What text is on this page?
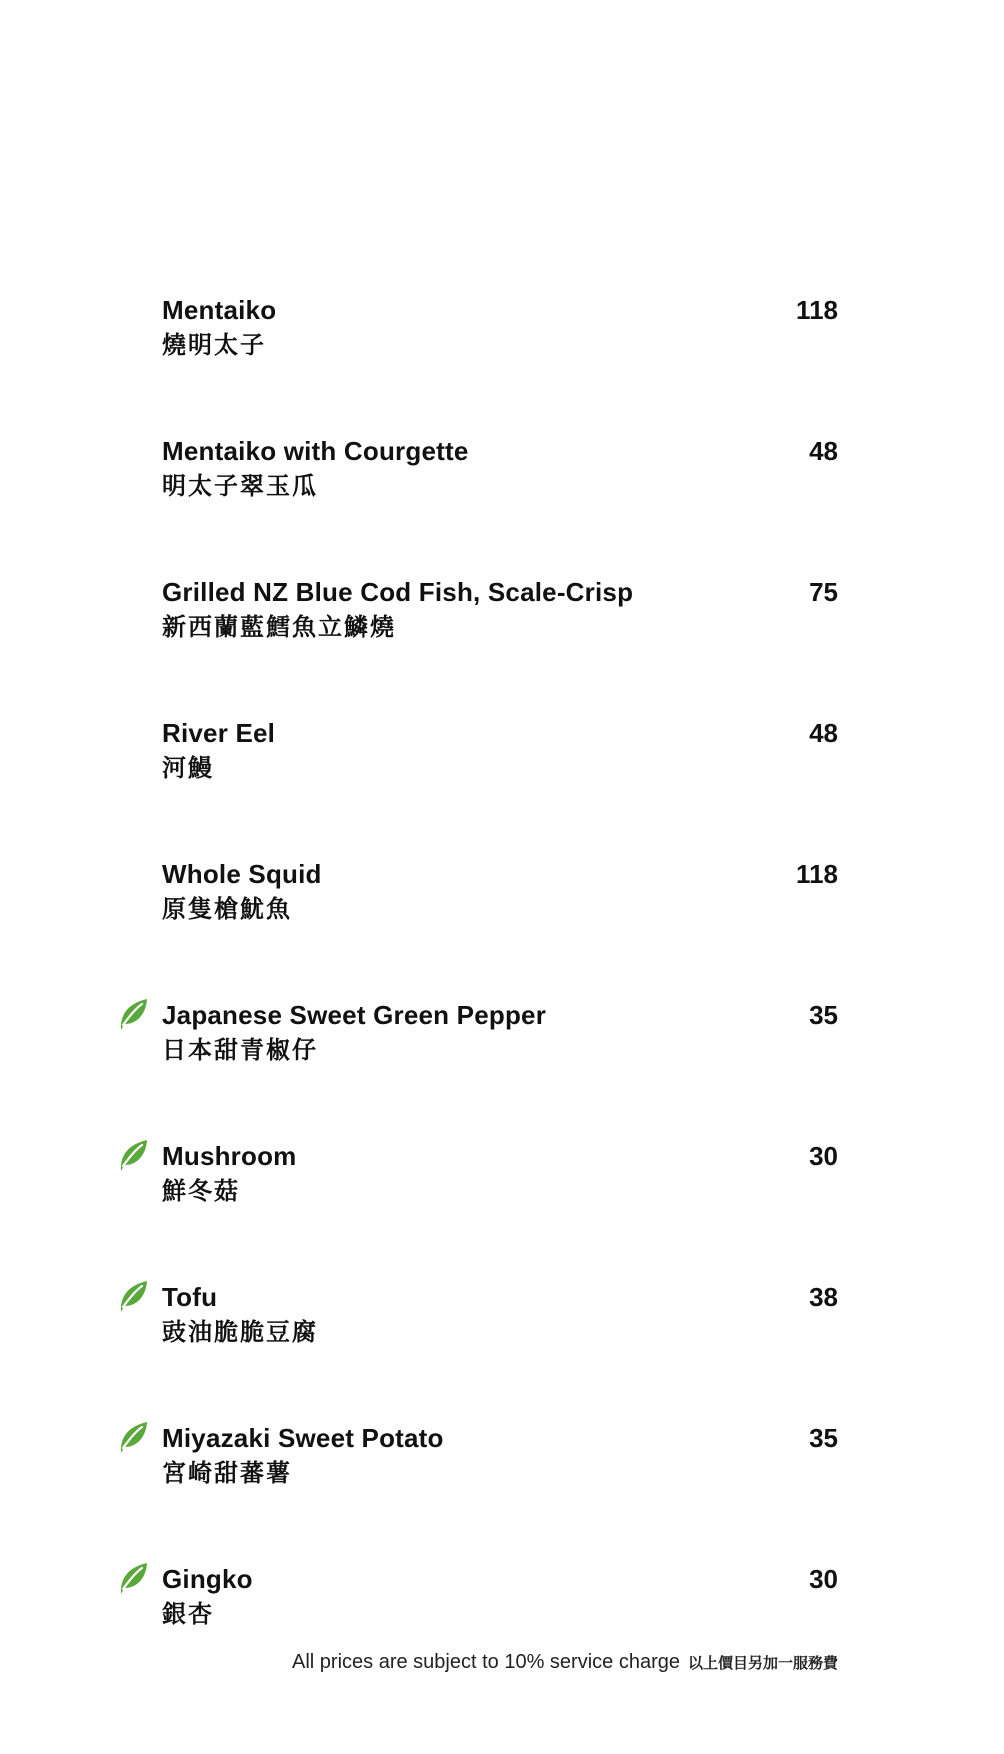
Mentaiko
燒明太子
118
Mentaiko with Courgette
明太子翠玉瓜
48
Grilled NZ Blue Cod Fish, Scale-Crisp
新西蘭藍鱈魚立鱗燒
75
River Eel
河鰻
48
Whole Squid
原隻槍魷魚
118
Japanese Sweet Green Pepper
日本甜青椒仔
35
Mushroom
鮮冬菇
30
Tofu
豉油脆脆豆腐
38
Miyazaki Sweet Potato
宮崎甜蕃薯
35
Gingko
銀杏
30
All prices are subject to 10% service charge 以上價目另加一服務費
